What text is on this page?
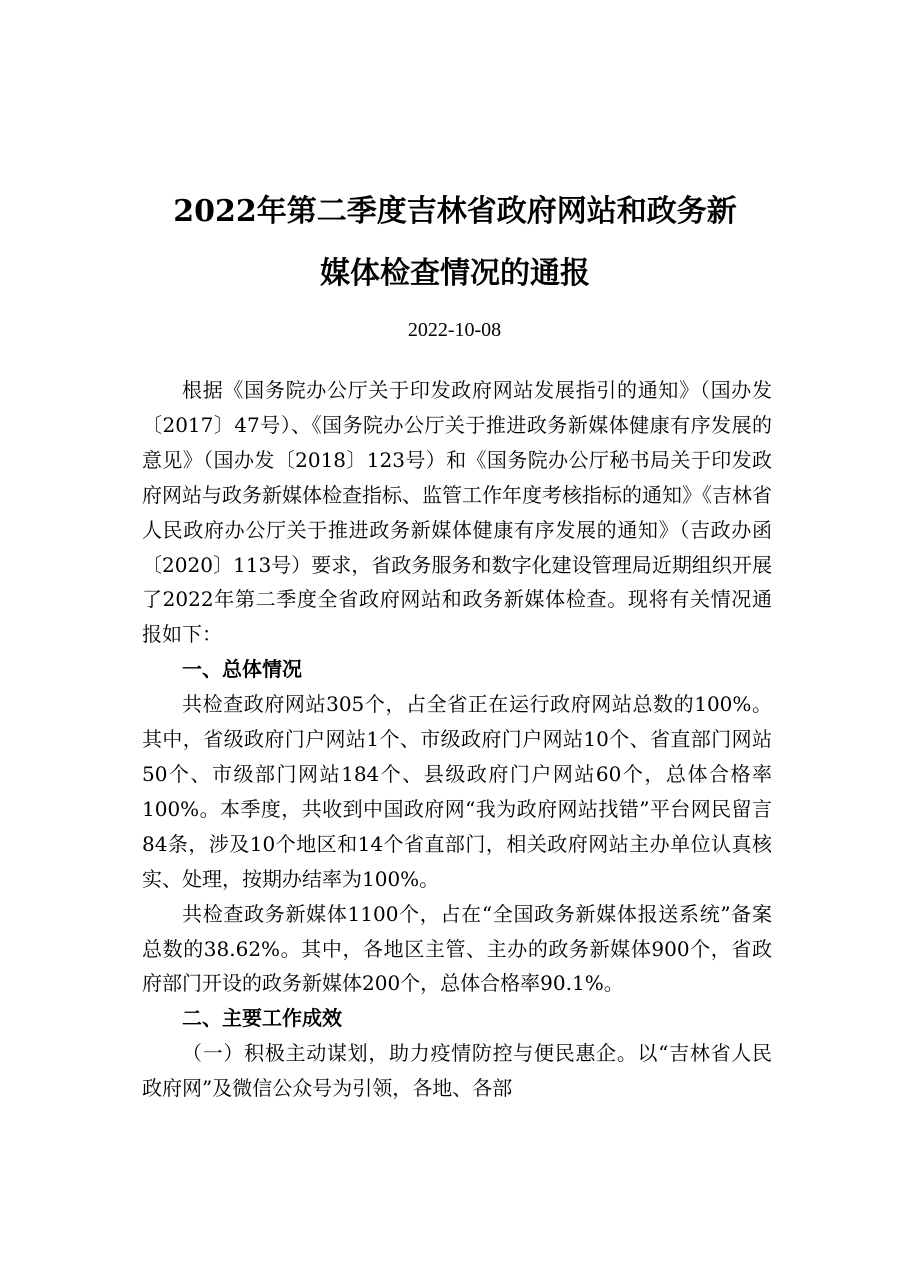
2022年第二季度吉林省政府网站和政务新
媒体检查情况的通报
2022-10-08

根据《国务院办公厅关于印发政府网站发展指引的通知》（国办发〔2017〕47号）、《国务院办公厅关于推进政务新媒体健康有序发展的意见》（国办发〔2018〕123号）和《国务院办公厅秘书局关于印发政府网站与政务新媒体检查指标、监管工作年度考核指标的通知》《吉林省人民政府办公厅关于推进政务新媒体健康有序发展的通知》（吉政办函〔2020〕113号）要求，省政务服务和数字化建设管理局近期组织开展了2022年第二季度全省政府网站和政务新媒体检查。现将有关情况通报如下：

一、总体情况

共检查政府网站305个，占全省正在运行政府网站总数的100%。其中，省级政府门户网站1个、市级政府门户网站10个、省直部门网站50个、市级部门网站184个、县级政府门户网站60个，总体合格率100%。本季度，共收到中国政府网“我为政府网站找错”平台网民留言84条，涉及10个地区和14个省直部门，相关政府网站主办单位认真核实、处理，按期办结率为100%。

共检查政务新媒体1100个，占在“全国政务新媒体报送系统”备案总数的38.62%。其中，各地区主管、主办的政务新媒体900个，省政府部门开设的政务新媒体200个，总体合格率90.1%。

二、主要工作成效

（一）积极主动谋划，助力疫情防控与便民惠企。以“吉林省人民政府网”及微信公众号为引领，各地、各部
